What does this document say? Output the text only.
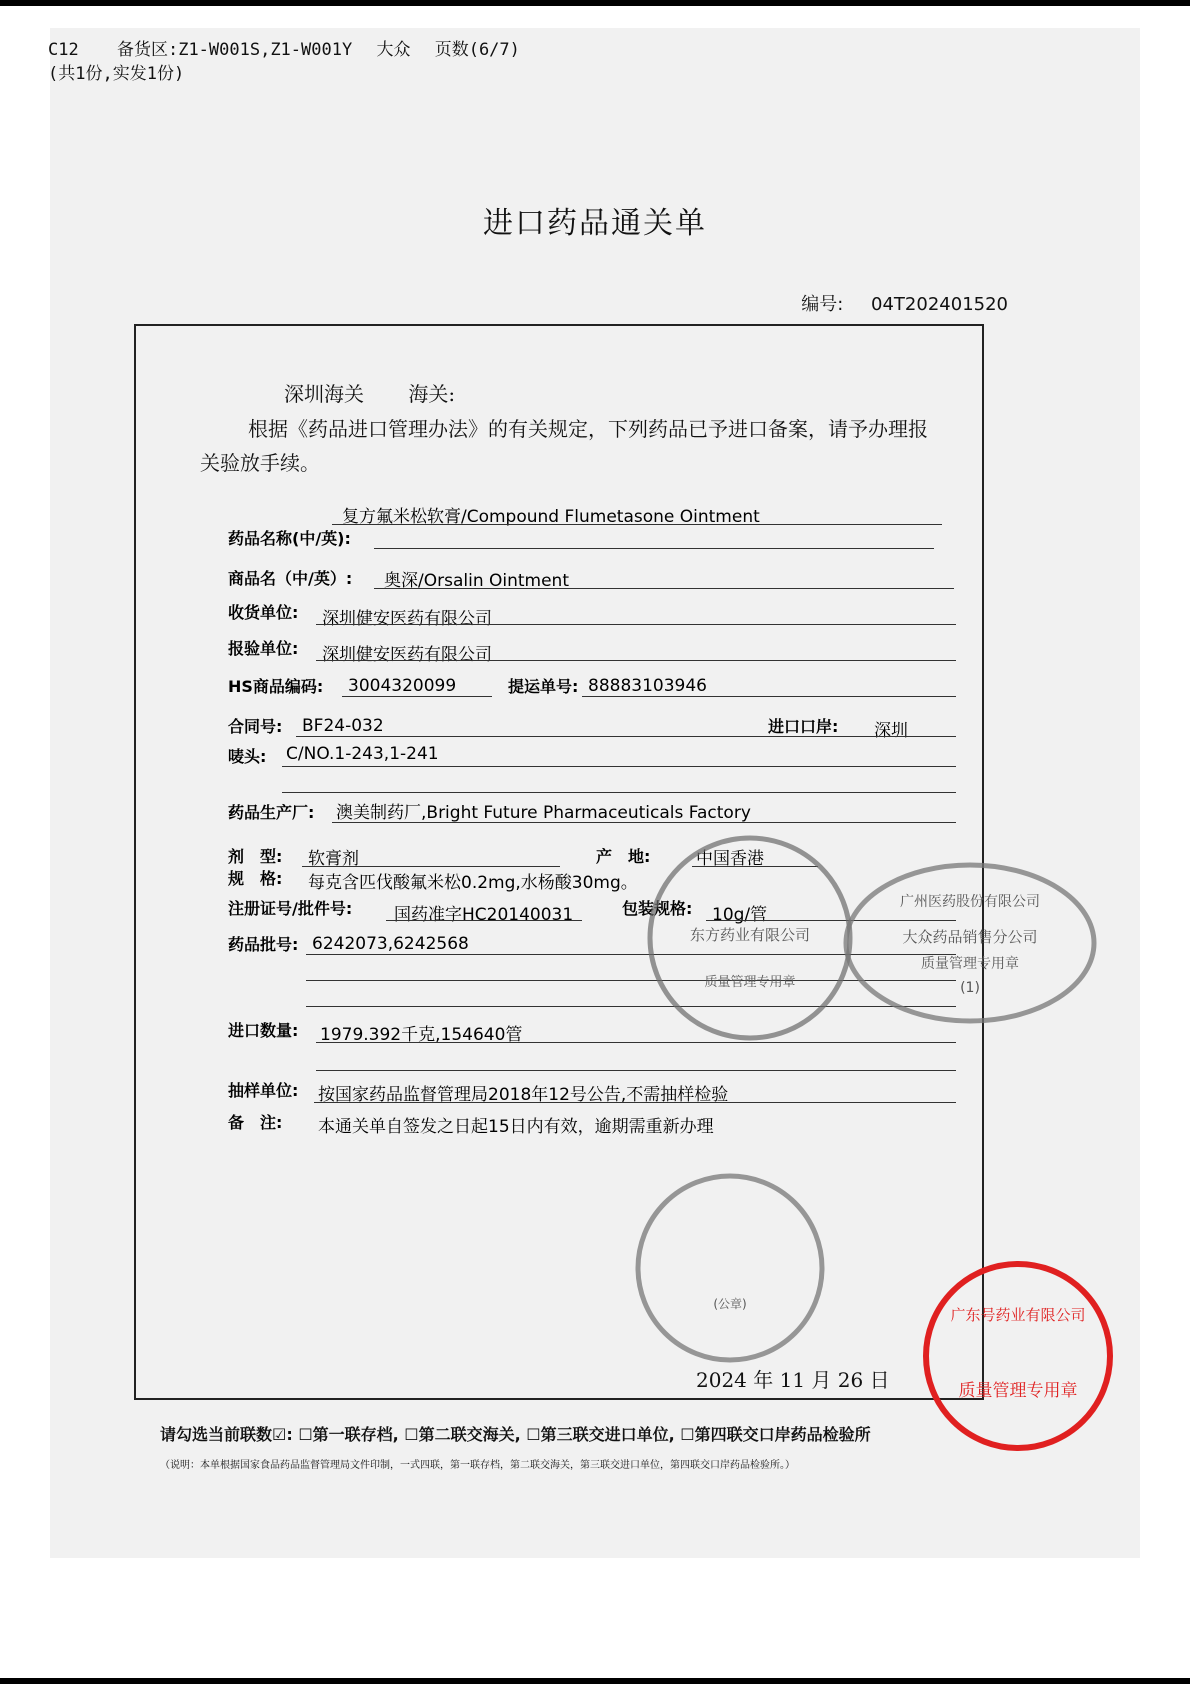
进口药品通关单
编号: 04T202401520
深圳海关 海关:
根据《药品进口管理办法》的有关规定，下列药品已予进口备案，请予办理报关验放手续。
复方氟米松软膏/Compound Flumetasone Ointment
药品名称(中/英):
商品名（中/英）: 奥深/Orsalin Ointment
收货单位: 深圳健安医药有限公司
报验单位: 深圳健安医药有限公司
HS商品编码: 3004320099	提运单号: 88883103946
合同号: BF24-032	进口口岸: 深圳
唛头: C/NO.1-243,1-241
药品生产厂: 澳美制药厂,Bright Future Pharmaceuticals Factory
剂　型: 软膏剂	产　地:	中国香港
规　格: 每克含匹伐酸氟米松0.2mg,水杨酸30mg。
注册证号/批件号: 国药准字HC20140031	包装规格: 10g/管
药品批号: 6242073,6242568
进口数量: 1979.392千克,154640管
抽样单位: 按国家药品监督管理局2018年12号公告,不需抽样检验
备　注: 本通关单自签发之日起15日内有效，逾期需重新办理
2024 年 11 月 26 日
请勾选当前联数☑: ☐第一联存档, ☐第二联交海关, ☐第三联交进口单位, ☐第四联交口岸药品检验所
（说明：本单根据国家食品药品监督管理局文件印制，一式四联，第一联存档，第二联交海关，第三联交进口单位，第四联交口岸药品检验所。）
(公章)
东方药业有限公司
质量管理专用章
广州医药股份有限公司
大众药品销售分公司
质量管理专用章
(1)
C12 备货区:Z1-W001S,Z1-W001Y 大众 页数(6/7)
(共1份,实发1份)
广东号药业有限公司
质量管理专用章
